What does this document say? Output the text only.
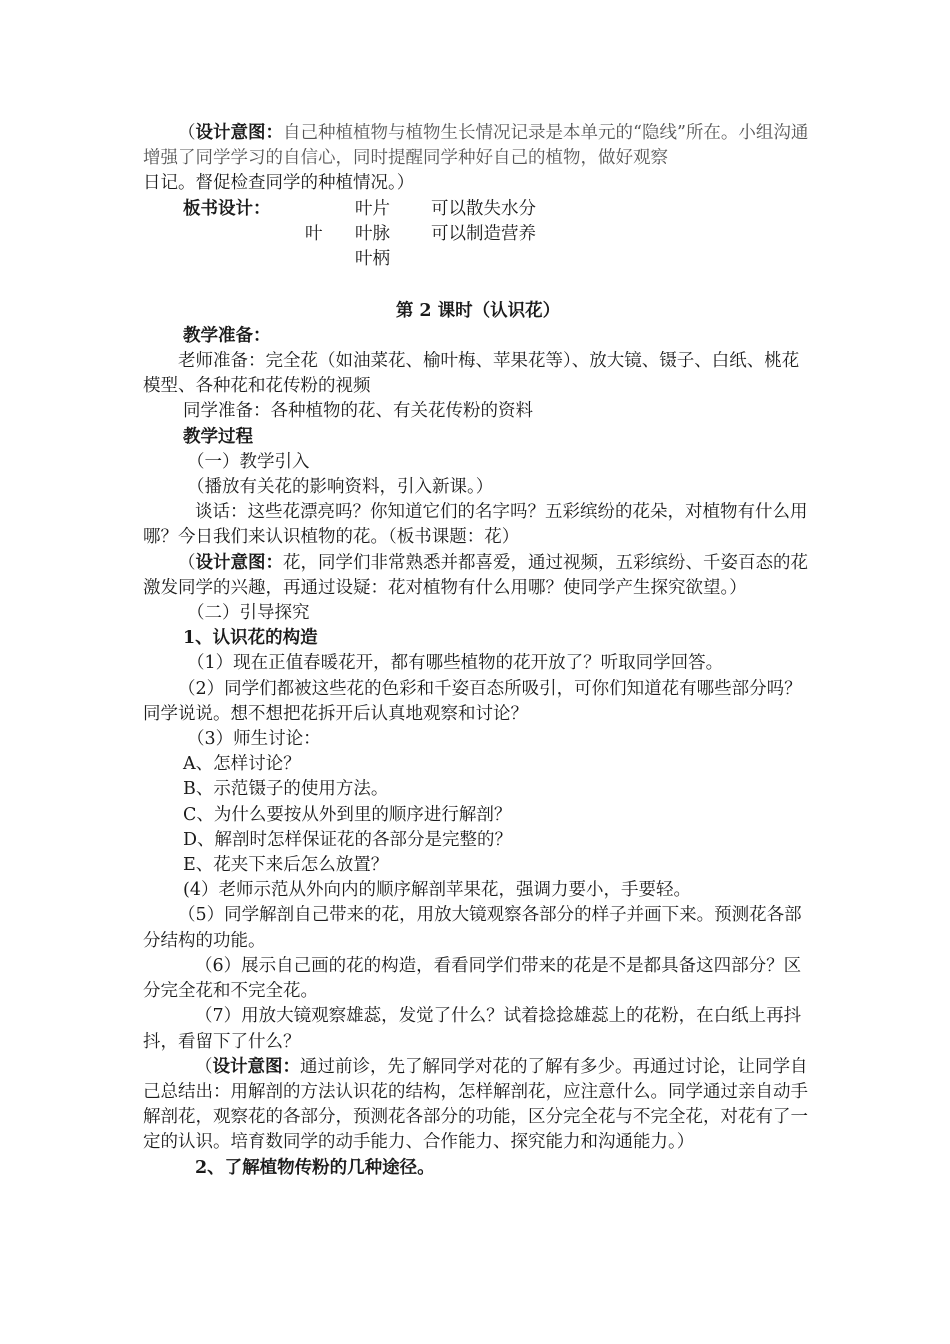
（设计意图：自己种植植物与植物生长情况记录是本单元的“隐线”所在。小组沟通增强了同学学习的自信心，同时提醒同学种好自己的植物，做好观察

日记。督促检查同学的种植情况。）

板书设计：
叶
叶片
叶脉
叶柄
可以散失水分
可以制造营养

第 2 课时（认识花）

教学准备：

老师准备：完全花（如油菜花、榆叶梅、苹果花等）、放大镜、镊子、白纸、桃花模型、各种花和花传粉的视频

同学准备：各种植物的花、有关花传粉的资料

教学过程

（一）教学引入

（播放有关花的影响资料，引入新课。）

谈话：这些花漂亮吗？你知道它们的名字吗？五彩缤纷的花朵，对植物有什么用哪？今日我们来认识植物的花。（板书课题：花）

（设计意图：花，同学们非常熟悉并都喜爱，通过视频，五彩缤纷、千姿百态的花激发同学的兴趣，再通过设疑：花对植物有什么用哪？使同学产生探究欲望。）

（二）引导探究

1、认识花的构造

（1）现在正值春暖花开，都有哪些植物的花开放了？听取同学回答。

（2）同学们都被这些花的色彩和千姿百态所吸引，可你们知道花有哪些部分吗？同学说说。想不想把花拆开后认真地观察和讨论？

（3）师生讨论：

A、怎样讨论？

B、示范镊子的使用方法。

C、为什么要按从外到里的顺序进行解剖？

D、解剖时怎样保证花的各部分是完整的？

E、花夹下来后怎么放置？

(4）老师示范从外向内的顺序解剖苹果花，强调力要小，手要轻。

（5）同学解剖自己带来的花，用放大镜观察各部分的样子并画下来。预测花各部分结构的功能。

（6）展示自己画的花的构造，看看同学们带来的花是不是都具备这四部分？区分完全花和不完全花。

（7）用放大镜观察雄蕊，发觉了什么？试着捻捻雄蕊上的花粉，在白纸上再抖抖，看留下了什么？

（设计意图：通过前诊，先了解同学对花的了解有多少。再通过讨论，让同学自己总结出：用解剖的方法认识花的结构，怎样解剖花，应注意什么。同学通过亲自动手解剖花，观察花的各部分，预测花各部分的功能，区分完全花与不完全花，对花有了一定的认识。培育数同学的动手能力、合作能力、探究能力和沟通能力。）

2、了解植物传粉的几种途径。
